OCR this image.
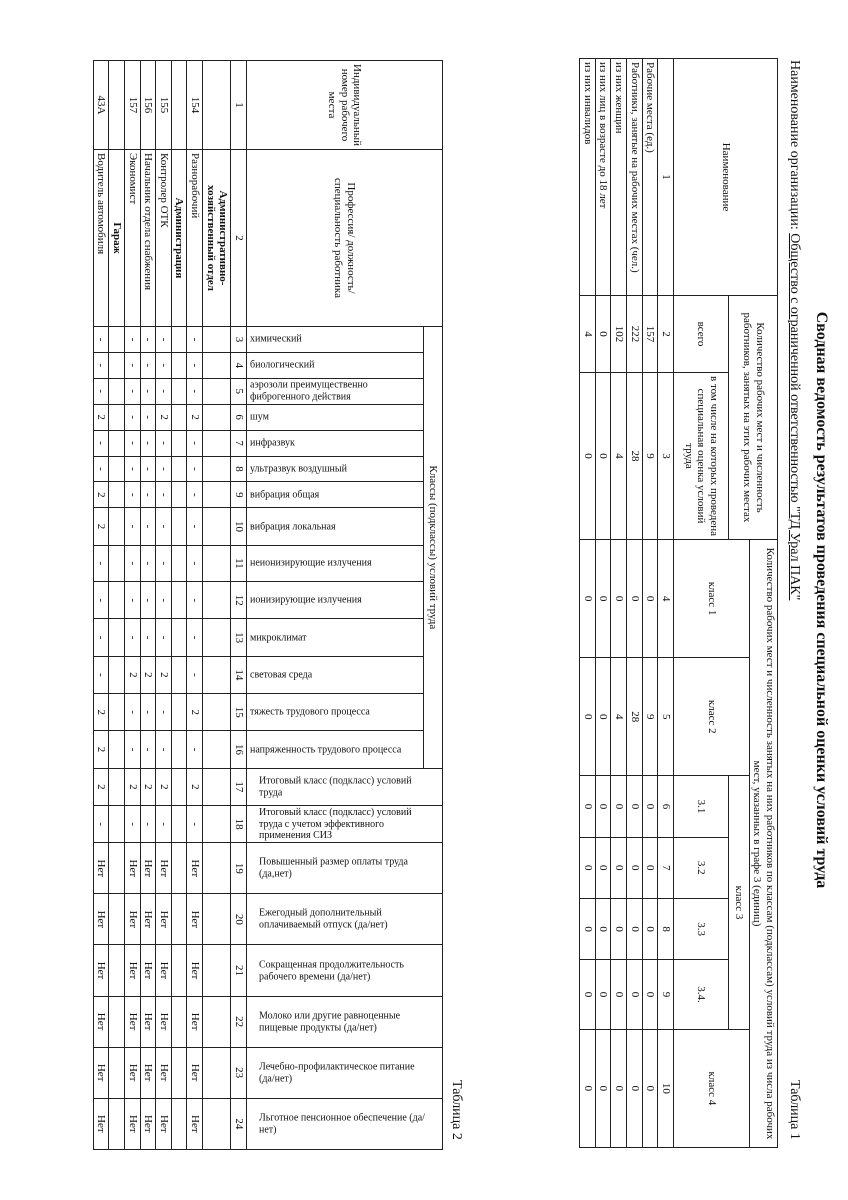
Сводная ведомость результатов проведения специальной оценки условий труда
Наименование организации: Общество с ограниченной ответственностью "ТД Урал ПАК"
Таблица 1
Наименование	Количество рабочих мест и численность работников, занятых на этих рабочих местах		Количество рабочих мест и численность занятых на них работников по классам (подклассам) условий труда из числа рабочих мест, указанных в графе 3 (единиц)						
			класс 1	класс 2	класс 3				класс 4
	всего	в том числе на которых проведена специальная оценка условий труда			3.1	3.2	3.3	3.4.	
1	2	3	4	5	6	7	8	9	10
Рабочие места (ед.)	157	9	0	9	0	0	0	0	0
Работники, занятые на рабочих местах (чел.)	222	28	0	28	0	0	0	0	0
из них женщин	102	4	0	4	0	0	0	0	0
из них лиц в возрасте до 18 лет	0	0	0	0	0	0	0	0	0
из них инвалидов	4	0	0	0	0	0	0	0	0
Таблица 2
Индивидуальный номер рабочего места	Профессия/ должность/ специальность работника	Классы (подклассы) условий труда														Итоговый класс (подкласс) условий труда	Итоговый класс (подкласс) условий труда с учетом эффективного применения СИЗ	Повышенный размер оплаты труда (да,нет)	Ежегодный дополнительный оплачиваемый отпуск (да/нет)	Сокращенная продолжительность рабочего времени (да/нет)	Молоко или другие равноценные пищевые продукты (да/нет)	Лечебно-профилактическое питание (да/нет)	Льготное пенсионное обеспечение (да/нет)

		химический	биологический	аэрозоли преимущественно фиброгенного действия	шум	инфразвук	ультразвук воздушный	вибрация общая	вибрация локальная	неионизирующие излучения	ионизирующие излучения	микроклимат	световая среда	тяжесть трудового процесса	напряженность трудового процесса								

1	2	3	4	5	6	7	8	9	10	11	12	13	14	15	16	17	18	19	20	21	22	23	24
	Административно-хозяйственный отдел																						
154	Разнорабочий	-	-	-	2	-	-	-	-	-	-	-	-	2	-	2	-	Нет	Нет	Нет	Нет	Нет	Нет
	Администрация																						
155	Контролер ОТК	-	-	-	2	-	-	-	-	-	-	-	2	-	-	2	-	Нет	Нет	Нет	Нет	Нет	Нет
156	Начальник отдела снабжения	-	-	-	-	-	-	-	-	-	-	-	2	-	-	2	-	Нет	Нет	Нет	Нет	Нет	Нет
157	Экономист	-	-	-	-	-	-	-	-	-	-	-	2	-	-	2	-	Нет	Нет	Нет	Нет	Нет	Нет
	Гараж																						
43А	Водитель автомобиля	-	-	-	2	-	-	2	2	-	-	-	-	2	2	2	-	Нет	Нет	Нет	Нет	Нет	Нет
